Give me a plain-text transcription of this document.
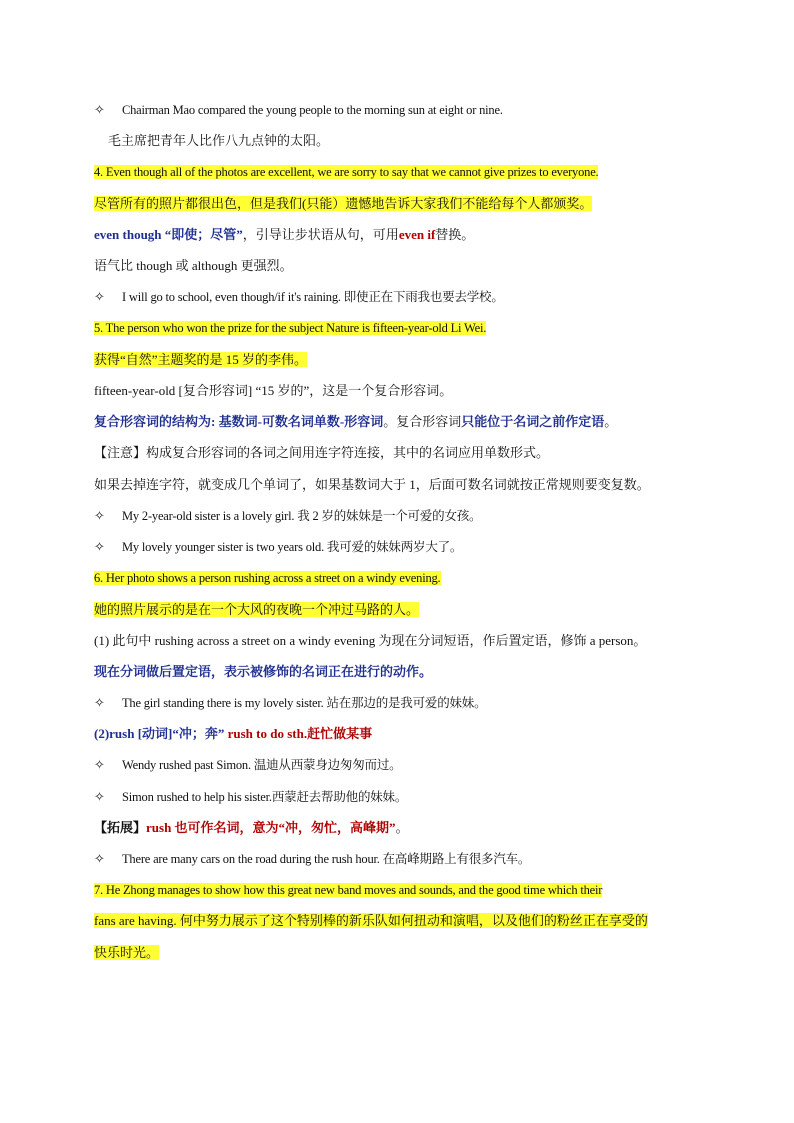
✧ Chairman Mao compared the young people to the morning sun at eight or nine.
毛主席把青年人比作八九点钟的太阳。
4. Even though all of the photos are excellent, we are sorry to say that we cannot give prizes to everyone.
尽管所有的照片都很出色，但是我们(只能）遗憾地告诉大家我们不能给每个人都颁奖。
even though “即使；尽管”，引导让步状语从句，可用even if替换。
语气比 though 或 although 更强烈。
✧ I will go to school, even though/if it's raining. 即使正在下雨我也要去学校。
5. The person who won the prize for the subject Nature is fifteen-year-old Li Wei.
获得“自然”主题奖的是 15 岁的李伟。
fifteen-year-old [复合形容词] “15 岁的”，这是一个复合形容词。
复合形容词的结构为: 基数词-可数名词单数-形容词。复合形容词只能位于名词之前作定语。
【注意】构成复合形容词的各词之间用连字符连接，其中的名词应用单数形式。
如果去掉连字符，就变成几个单词了，如果基数词大于 1，后面可数名词就按正常规则要变复数。
✧ My 2-year-old sister is a lovely girl. 我 2 岁的妹妹是一个可爱的女孩。
✧ My lovely younger sister is two years old. 我可爱的妹妹两岁大了。
6. Her photo shows a person rushing across a street on a windy evening.
她的照片展示的是在一个大风的夜晚一个冲过马路的人。
(1) 此句中 rushing across a street on a windy evening 为现在分词短语，作后置定语，修饰 a person。
现在分词做后置定语，表示被修饰的名词正在进行的动作。
✧ The girl standing there is my lovely sister. 站在那边的是我可爱的妹妹。
(2)rush [动词]“冲；奔” rush to do sth.赶忙做某事
✧ Wendy rushed past Simon. 温迪从西蒙身边匆匆而过。
✧ Simon rushed to help his sister.西蒙赶去帮助他的妹妹。
【拓展】rush 也可作名词，意为“冲，匆忙，高峰期”。
✧ There are many cars on the road during the rush hour. 在高峰期路上有很多汽车。
7. He Zhong manages to show how this great new band moves and sounds, and the good time which their
fans are having. 何中努力展示了这个特别棒的新乐队如何扭动和演唱，以及他们的粉丝正在享受的
快乐时光。
